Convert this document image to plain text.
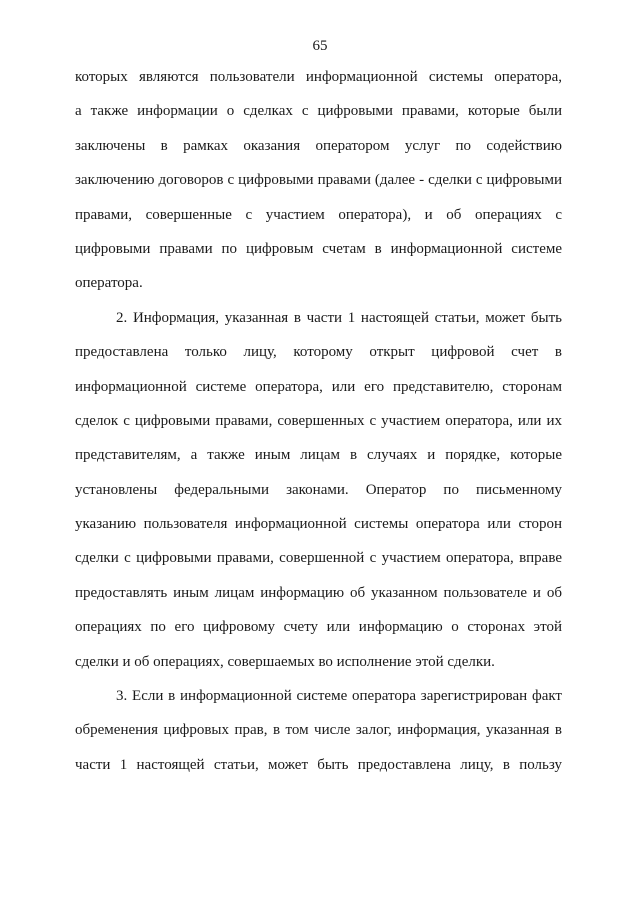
65
которых являются пользователи информационной системы оператора,
а также информации о сделках с цифровыми правами, которые были
заключены в рамках оказания оператором услуг по содействию
заключению договоров с цифровыми правами (далее - сделки с цифровыми
правами, совершенные с участием оператора), и об операциях с
цифровыми правами по цифровым счетам в информационной системе
оператора.
2. Информация, указанная в части 1 настоящей статьи, может быть
предоставлена только лицу, которому открыт цифровой счет в
информационной системе оператора, или его представителю, сторонам
сделок с цифровыми правами, совершенных с участием оператора, или их
представителям, а также иным лицам в случаях и порядке, которые
установлены федеральными законами. Оператор по письменному
указанию пользователя информационной системы оператора или сторон
сделки с цифровыми правами, совершенной с участием оператора, вправе
предоставлять иным лицам информацию об указанном пользователе и об
операциях по его цифровому счету или информацию о сторонах этой
сделки и об операциях, совершаемых во исполнение этой сделки.
3. Если в информационной системе оператора зарегистрирован факт
обременения цифровых прав, в том числе залог, информация, указанная в
части 1 настоящей статьи, может быть предоставлена лицу, в пользу
